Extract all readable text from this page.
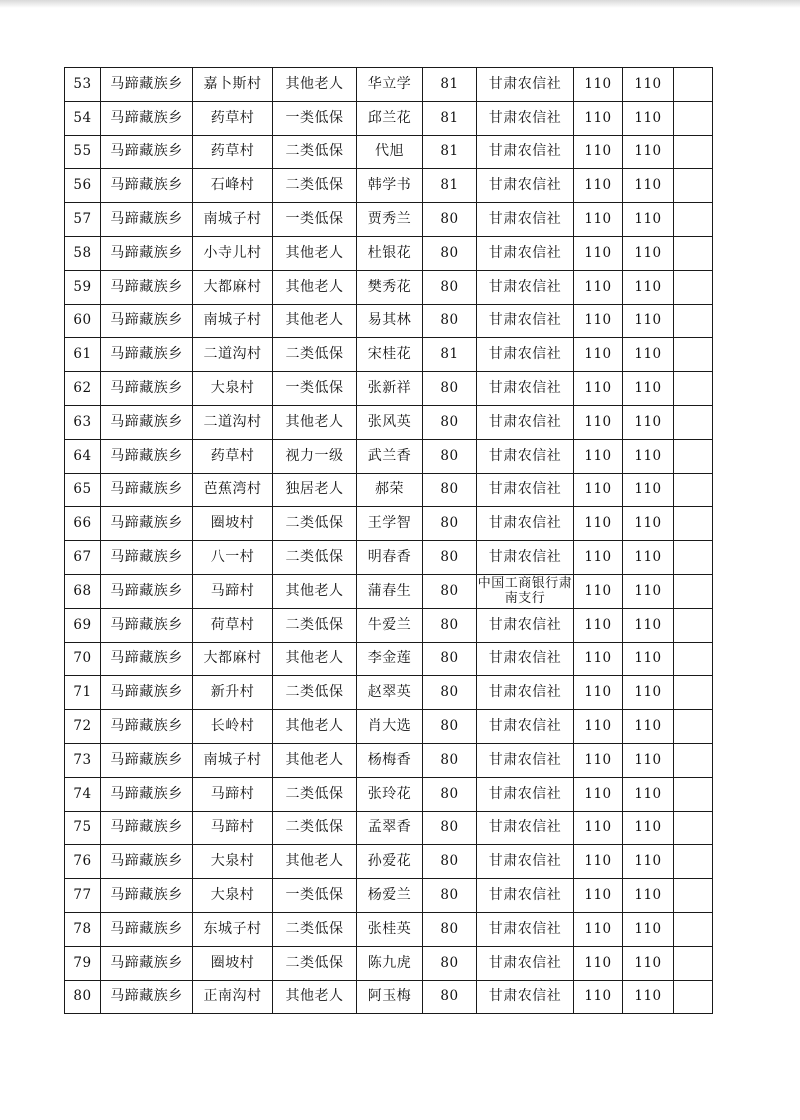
53	马蹄藏族乡	嘉卜斯村	其他老人	华立学	81	甘肃农信社	110	110	
54	马蹄藏族乡	药草村	一类低保	邱兰花	81	甘肃农信社	110	110	
55	马蹄藏族乡	药草村	二类低保	代旭	81	甘肃农信社	110	110	
56	马蹄藏族乡	石峰村	二类低保	韩学书	81	甘肃农信社	110	110	
57	马蹄藏族乡	南城子村	一类低保	贾秀兰	80	甘肃农信社	110	110	
58	马蹄藏族乡	小寺儿村	其他老人	杜银花	80	甘肃农信社	110	110	
59	马蹄藏族乡	大都麻村	其他老人	樊秀花	80	甘肃农信社	110	110	
60	马蹄藏族乡	南城子村	其他老人	易其林	80	甘肃农信社	110	110	
61	马蹄藏族乡	二道沟村	二类低保	宋桂花	81	甘肃农信社	110	110	
62	马蹄藏族乡	大泉村	一类低保	张新祥	80	甘肃农信社	110	110	
63	马蹄藏族乡	二道沟村	其他老人	张风英	80	甘肃农信社	110	110	
64	马蹄藏族乡	药草村	视力一级	武兰香	80	甘肃农信社	110	110	
65	马蹄藏族乡	芭蕉湾村	独居老人	郝荣	80	甘肃农信社	110	110	
66	马蹄藏族乡	圈坡村	二类低保	王学智	80	甘肃农信社	110	110	
67	马蹄藏族乡	八一村	二类低保	明春香	80	甘肃农信社	110	110	
68	马蹄藏族乡	马蹄村	其他老人	蒲春生	80	中国工商银行肃南支行	110	110	
69	马蹄藏族乡	荷草村	二类低保	牛爱兰	80	甘肃农信社	110	110	
70	马蹄藏族乡	大都麻村	其他老人	李金莲	80	甘肃农信社	110	110	
71	马蹄藏族乡	新升村	二类低保	赵翠英	80	甘肃农信社	110	110	
72	马蹄藏族乡	长岭村	其他老人	肖大选	80	甘肃农信社	110	110	
73	马蹄藏族乡	南城子村	其他老人	杨梅香	80	甘肃农信社	110	110	
74	马蹄藏族乡	马蹄村	二类低保	张玲花	80	甘肃农信社	110	110	
75	马蹄藏族乡	马蹄村	二类低保	孟翠香	80	甘肃农信社	110	110	
76	马蹄藏族乡	大泉村	其他老人	孙爱花	80	甘肃农信社	110	110	
77	马蹄藏族乡	大泉村	一类低保	杨爱兰	80	甘肃农信社	110	110	
78	马蹄藏族乡	东城子村	二类低保	张桂英	80	甘肃农信社	110	110	
79	马蹄藏族乡	圈坡村	二类低保	陈九虎	80	甘肃农信社	110	110	
80	马蹄藏族乡	正南沟村	其他老人	阿玉梅	80	甘肃农信社	110	110	
